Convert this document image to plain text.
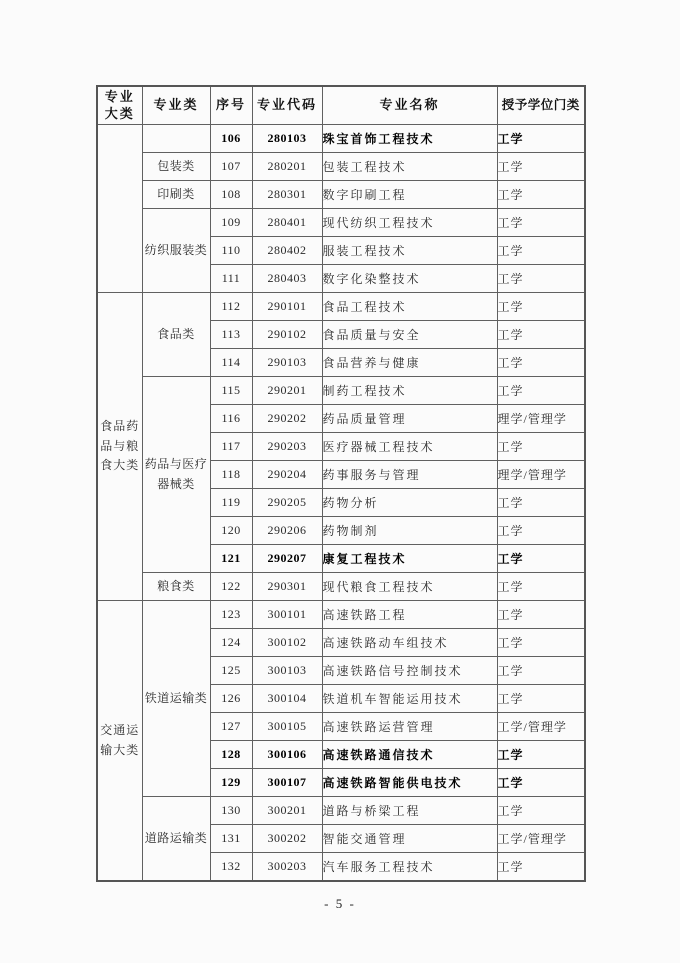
专业大类	专业类	序号	专业代码	专业名称	授予学位门类
		106	280103	珠宝首饰工程技术	工学
	包装类	107	280201	包装工程技术	工学
	印刷类	108	280301	数字印刷工程	工学
	纺织服装类	109	280401	现代纺织工程技术	工学
		110	280402	服装工程技术	工学
		111	280403	数字化染整技术	工学
食品药品与粮食大类	食品类	112	290101	食品工程技术	工学
		113	290102	食品质量与安全	工学
		114	290103	食品营养与健康	工学
	药品与医疗器械类	115	290201	制药工程技术	工学
		116	290202	药品质量管理	理学/管理学
		117	290203	医疗器械工程技术	工学
		118	290204	药事服务与管理	理学/管理学
		119	290205	药物分析	工学
		120	290206	药物制剂	工学
		121	290207	康复工程技术	工学
	粮食类	122	290301	现代粮食工程技术	工学
交通运输大类	铁道运输类	123	300101	高速铁路工程	工学
		124	300102	高速铁路动车组技术	工学
		125	300103	高速铁路信号控制技术	工学
		126	300104	铁道机车智能运用技术	工学
		127	300105	高速铁路运营管理	工学/管理学
		128	300106	高速铁路通信技术	工学
		129	300107	高速铁路智能供电技术	工学
	道路运输类	130	300201	道路与桥梁工程	工学
		131	300202	智能交通管理	工学/管理学
		132	300203	汽车服务工程技术	工学
- 5 -
